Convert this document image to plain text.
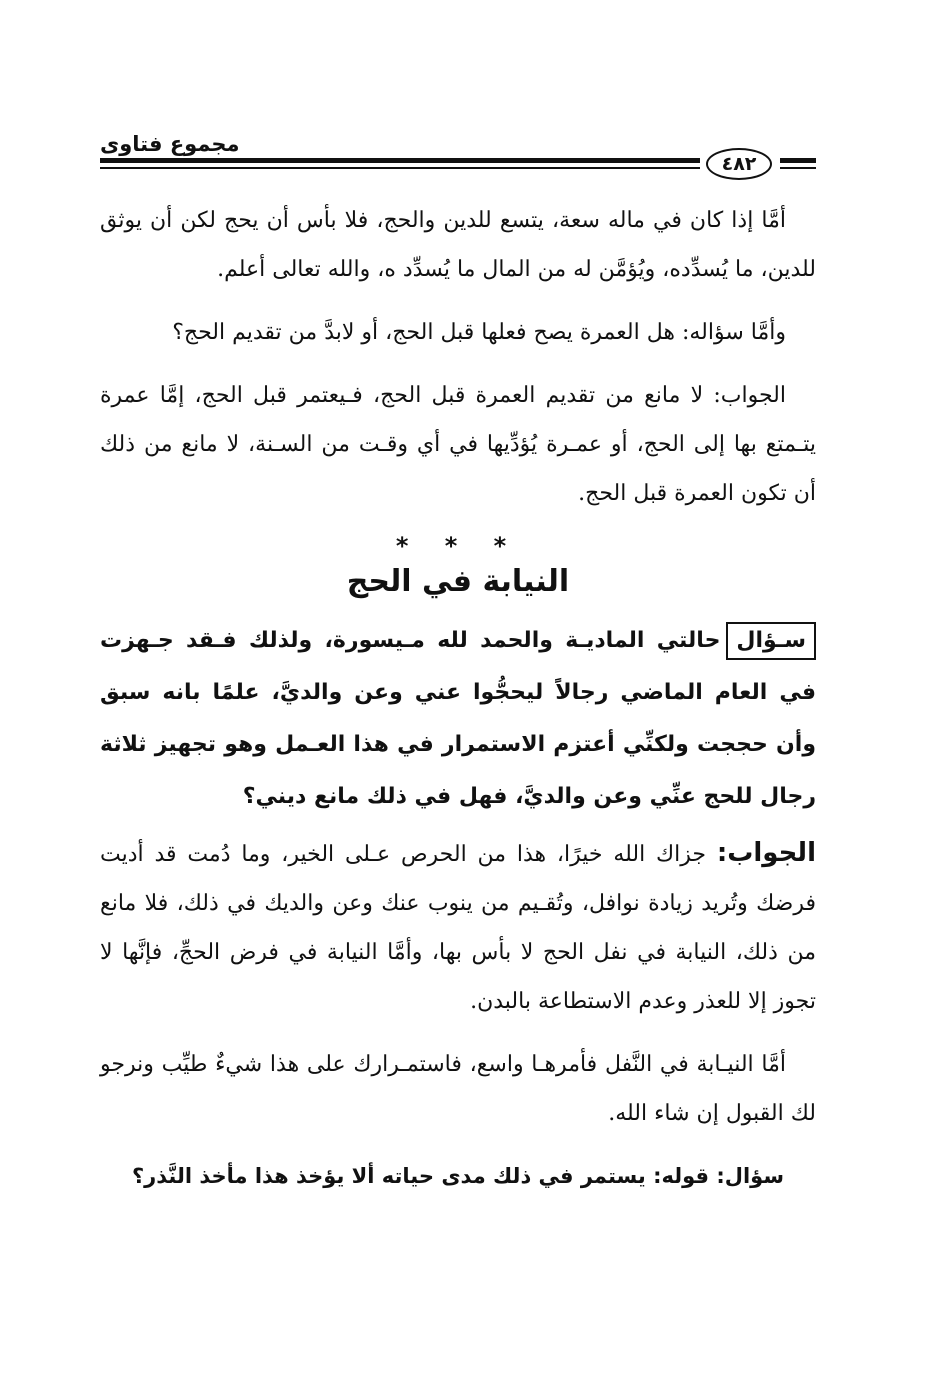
٤٨٢
مجموع فتاوى

أمَّا إذا كان في ماله سعة، يتسع للدين والحج، فلا بأس أن يحج لكن أن يوثق للدين، ما يُسدِّده، ويُؤمَّن له من المال ما يُسدِّد ه، والله تعالى أعلم.

وأمَّا سؤاله: هل العمرة يصح فعلها قبل الحج، أو لابدَّ من تقديم الحج؟

الجواب: لا مانع من تقديم العمرة قبل الحج، فـيعتمر قبل الحج، إمَّا عمرة يتـمتع بها إلى الحج، أو عمـرة يُؤدِّيها في أي وقـت من السـنة، لا مانع من ذلك أن تكون العمرة قبل الحج.

* * *
النيابة في الحج
سـؤالحالتي الماديـة والحمد لله مـيسورة، ولذلك فـقد جـهزت في العام الماضي رجالاً ليحجُّوا عني وعن والديَّ، علمًا بانه سبق وأن حججت ولكنِّي أعتزم الاستمرار في هذا العـمل وهو تجهيز ثلاثة رجال للحج عنِّي وعن والديَّ، فهل في ذلك مانع ديني؟

الجواب: جزاك الله خيرًا، هذا من الحرص عـلى الخير، وما دُمت قد أديت فرضك وتُريد زيادة نوافل، وتُقـيم من ينوب عنك وعن والديك في ذلك، فلا مانع من ذلك، النيابة في نفل الحج لا بأس بها، وأمَّا النيابة في فرض الحجِّ، فإنَّها لا تجوز إلا للعذر وعدم الاستطاعة بالبدن.

أمَّا النيـابة في النَّفل فأمرهـا واسع، فاستمـرارك على هذا شيءٌ طيِّب ونرجو لك القبول إن شاء الله.

سؤال: قوله: يستمر في ذلك مدى حياته ألا يؤخذ هذا مأخذ النَّذر؟
